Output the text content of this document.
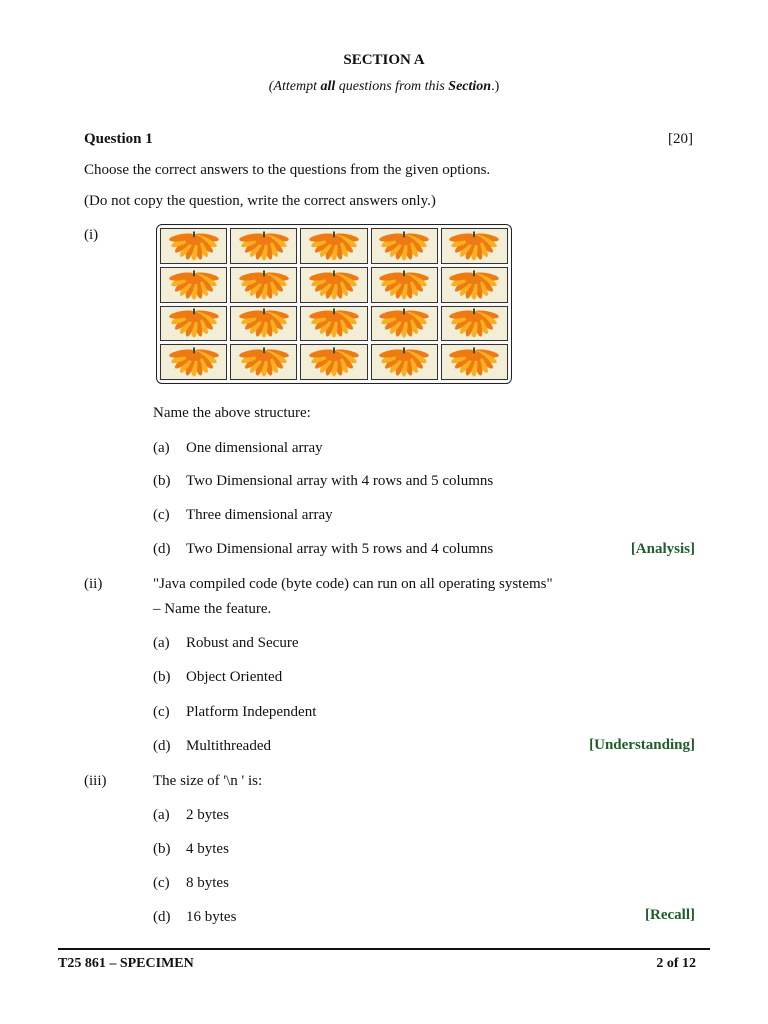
SECTION A
(Attempt all questions from this Section.)
Question 1	[20]
Choose the correct answers to the questions from the given options.
(Do not copy the question, write the correct answers only.)
(i)
Name the above structure:
(a) One dimensional array
(b) Two Dimensional array with 4 rows and 5 columns
(c) Three dimensional array
(d) Two Dimensional array with 5 rows and 4 columns	[Analysis]
(ii)	"Java compiled code (byte code) can run on all operating systems"
– Name the feature.
(a) Robust and Secure
(b) Object Oriented
(c) Platform Independent
(d) Multithreaded	[Understanding]
(iii)	The size of '\n ' is:
(a) 2 bytes
(b) 4 bytes
(c) 8 bytes
(d) 16 bytes	[Recall]
T25 861 – SPECIMEN	2 of 12
